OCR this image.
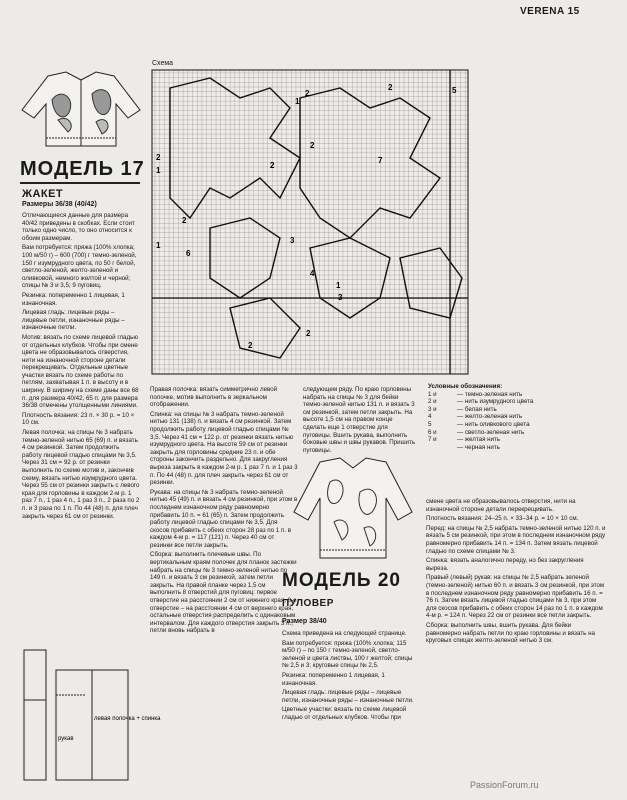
VERENA 15
МОДЕЛЬ 17
ЖАКЕТ
Размеры 36/38 (40/42)

Отличающиеся данные для размера 40/42 приведены в скобках. Если стоит только одно число, то оно относится к обоим размерам.

Вам потребуется: пряжа (100% хлопка; 100 м/50 г) – 600 (700) г темно-зеленой, 150 г изумрудного цвета, по 50 г белой, светло-зеленой, желто-зеленой и оливковой, немного желтой и черной; спицы № 3 и 3,5; 9 пуговиц.

Резинка: попеременно 1 лицевая, 1 изнаночная.

Лицевая гладь: лицевые ряды – лицевые петли, изнаночные ряды – изнаночные петли.

Мотив: вязать по схеме лицевой гладью от отдельных клубков. Чтобы при смене цвета не образовывалось отверстия, нити на изнаночной стороне детали перекрещивать. Отдельные цветные участки вязать по схеме работы по петлям, захватывая 1 п. в высоту и в ширину. В ширину на схеме даны все 68 п. для размера 40/42, 65 п. для размера 36/38 отмечены утолщенными линиями.

Плотность вязания: 23 п. × 30 р. = 10 × 10 см.

Левая полочка: на спицы № 3 набрать темно-зеленой нитью 65 (69) п. и вязать 4 см резинкой. Затем продолжить работу лицевой гладью спицами № 3,5. Через 31 см = 92 р. от резинки выполнить по схеме мотив и, закончив схему, вязать нитью изумрудного цвета. Через 55 см от резинки закрыть с левого края для горловины в каждом 2-м р. 1 раз 7 п., 1 раз 4 п., 1 раз 3 п., 2 раза по 2 п. и 3 раза по 1 п. По 44 (48) п. для плеч закрыть через 61 см от резинки.

левая полочка + спинка
рукав
Схема
2
2
5
2
1
2
7
3
2
6
4
1
3
2
2
2
1
1

Правая полочка: вязать симметрично левой полочке, мотив выполнить в зеркальном отображении.

Спинка: на спицы № 3 набрать темно-зеленой нитью 131 (138) п. и вязать 4 см резинкой. Затем продолжить работу лицевой гладью спицами № 3,5. Через 41 см = 122 р. от резинки вязать нитью изумрудного цвета. На высоте 59 см от резинки закрыть для горловины средние 23 п. и обе стороны закончить раздельно. Для закругления выреза закрыть в каждом 2-м р. 1 раз 7 п. и 1 раз 3 п. По 44 (48) п. для плеч закрыть через 61 см от резинки.

Рукава: на спицы № 3 набрать темно-зеленой нитью 45 (49) п. и вязать 4 см резинкой, при этом в последнем изнаночном ряду равномерно прибавить 10 п. = 61 (65) п. Затем продолжить работу лицевой гладью спицами № 3,5. Для скосов прибавить с обеих сторон 28 раз по 1 п. в каждом 4-м р. = 117 (121) п. Через 40 см от резинки все петли закрыть.

Сборка: выполнить плечевые швы. По вертикальным краям полочек для планок застежки набрать на спицы № 3 темно-зеленой нитью по 149 п. и вязать 3 см резинкой, затем петли закрыть. На правой планке через 1,5 см выполнить 8 отверстий для пуговиц: первое отверстие на расстоянии 2 см от нижнего края, 8-е отверстие – на расстоянии 4 см от верхнего края, остальные отверстия распределить с одинаковым интервалом. Для каждого отверстия закрыть 3 п., петли вновь набрать в

следующем ряду. По краю горловины набрать на спицы № 3 для бейки темно-зеленой нитью 131 п. и вязать 3 см резинкой, затем петли закрыть. На высоте 1,5 см на правом конце сделать еще 1 отверстие для пуговицы. Вшить рукава, выполнить боковые швы и швы рукавов. Пришить пуговицы.

Условные обозначения:
1 и	— темно-зеленая нить
2 и	— нить изумрудного цвета
3 и	— белая нить
4	— желто-зеленая нить
5	— нить оливкового цвета
6 и	— светло-зеленая нить
7 и	— желтая нить
— черная нить
МОДЕЛЬ 20
ПУЛОВЕР
Размер 38/40

Схема приведена на следующей странице.

Вам потребуется: пряжа (100% хлопка; 115 м/50 г) – по 150 г темно-зеленой, светло-зеленой и цвета листвы, 100 г желтой; спицы № 2,5 и 3; круговые спицы № 2,5.

Резинка: попеременно 1 лицевая, 1 изнаночная.

Лицевая гладь: лицевые ряды – лицевые петли, изнаночные ряды – изнаночные петли.

Цветные участки: вязать по схеме лицевой гладью от отдельных клубков. Чтобы при

смене цвета не образовывалось отверстия, нити на изнаночной стороне детали перекрещивать.

Плотность вязания: 24–25 п. × 33–34 р. = 10 × 10 см.

Перед: на спицы № 2,5 набрать темно-зеленой нитью 120 п. и вязать 5 см резинкой, при этом в последнем изнаночном ряду равномерно прибавить 14 п. = 134 п. Затем вязать лицевой гладью по схеме спицами № 3.

Спинка: вязать аналогично переду, но без закругления выреза.

Правый (левый) рукав: на спицы № 2,5 набрать зеленой (темно-зеленой) нитью 60 п. и вязать 3 см резинкой, при этом в последнем изнаночном ряду равномерно прибавить 16 п. = 76 п. Затем вязать лицевой гладью спицами № 3, при этом для скосов прибавить с обеих сторон 14 раз по 1 п. в каждом 4-м р. = 124 п. Через 22 см от резинки все петли закрыть.

Сборка: выполнить швы, вшить рукава. Для бейки равномерно набрать петли по краю горловины и вязать на круговых спицах желто-зеленой нитью 3 см.

PassionForum.ru
